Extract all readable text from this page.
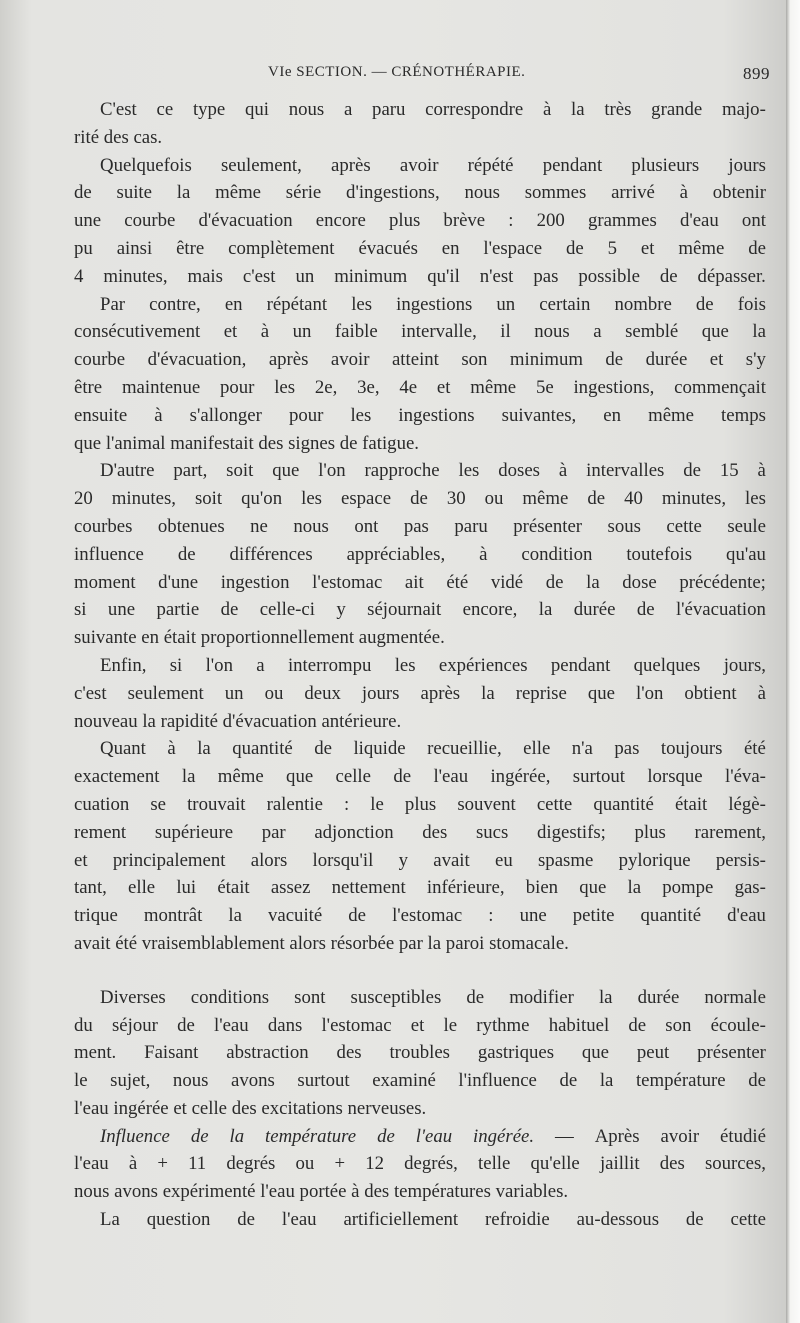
VIe SECTION. — CRÉNOTHÉRAPIE.	899
C'est ce type qui nous a paru correspondre à la très grande majo-
rité des cas.
Quelquefois seulement, après avoir répété pendant plusieurs jours
de suite la même série d'ingestions, nous sommes arrivé à obtenir
une courbe d'évacuation encore plus brève : 200 grammes d'eau ont
pu ainsi être complètement évacués en l'espace de 5 et même de
4 minutes, mais c'est un minimum qu'il n'est pas possible de dépasser.
Par contre, en répétant les ingestions un certain nombre de fois
consécutivement et à un faible intervalle, il nous a semblé que la
courbe d'évacuation, après avoir atteint son minimum de durée et s'y
être maintenue pour les 2e, 3e, 4e et même 5e ingestions, commençait
ensuite à s'allonger pour les ingestions suivantes, en même temps
que l'animal manifestait des signes de fatigue.
D'autre part, soit que l'on rapproche les doses à intervalles de 15 à
20 minutes, soit qu'on les espace de 30 ou même de 40 minutes, les
courbes obtenues ne nous ont pas paru présenter sous cette seule
influence de différences appréciables, à condition toutefois qu'au
moment d'une ingestion l'estomac ait été vidé de la dose précédente;
si une partie de celle-ci y séjournait encore, la durée de l'évacuation
suivante en était proportionnellement augmentée.
Enfin, si l'on a interrompu les expériences pendant quelques jours,
c'est seulement un ou deux jours après la reprise que l'on obtient à
nouveau la rapidité d'évacuation antérieure.
Quant à la quantité de liquide recueillie, elle n'a pas toujours été
exactement la même que celle de l'eau ingérée, surtout lorsque l'éva-
cuation se trouvait ralentie : le plus souvent cette quantité était légè-
rement supérieure par adjonction des sucs digestifs; plus rarement,
et principalement alors lorsqu'il y avait eu spasme pylorique persis-
tant, elle lui était assez nettement inférieure, bien que la pompe gas-
trique montrât la vacuité de l'estomac : une petite quantité d'eau
avait été vraisemblablement alors résorbée par la paroi stomacale.
Diverses conditions sont susceptibles de modifier la durée normale
du séjour de l'eau dans l'estomac et le rythme habituel de son écoule-
ment. Faisant abstraction des troubles gastriques que peut présenter
le sujet, nous avons surtout examiné l'influence de la température de
l'eau ingérée et celle des excitations nerveuses.
Influence de la température de l'eau ingérée. — Après avoir étudié
l'eau à + 11 degrés ou + 12 degrés, telle qu'elle jaillit des sources,
nous avons expérimenté l'eau portée à des températures variables.
La question de l'eau artificiellement refroidie au-dessous de cette
